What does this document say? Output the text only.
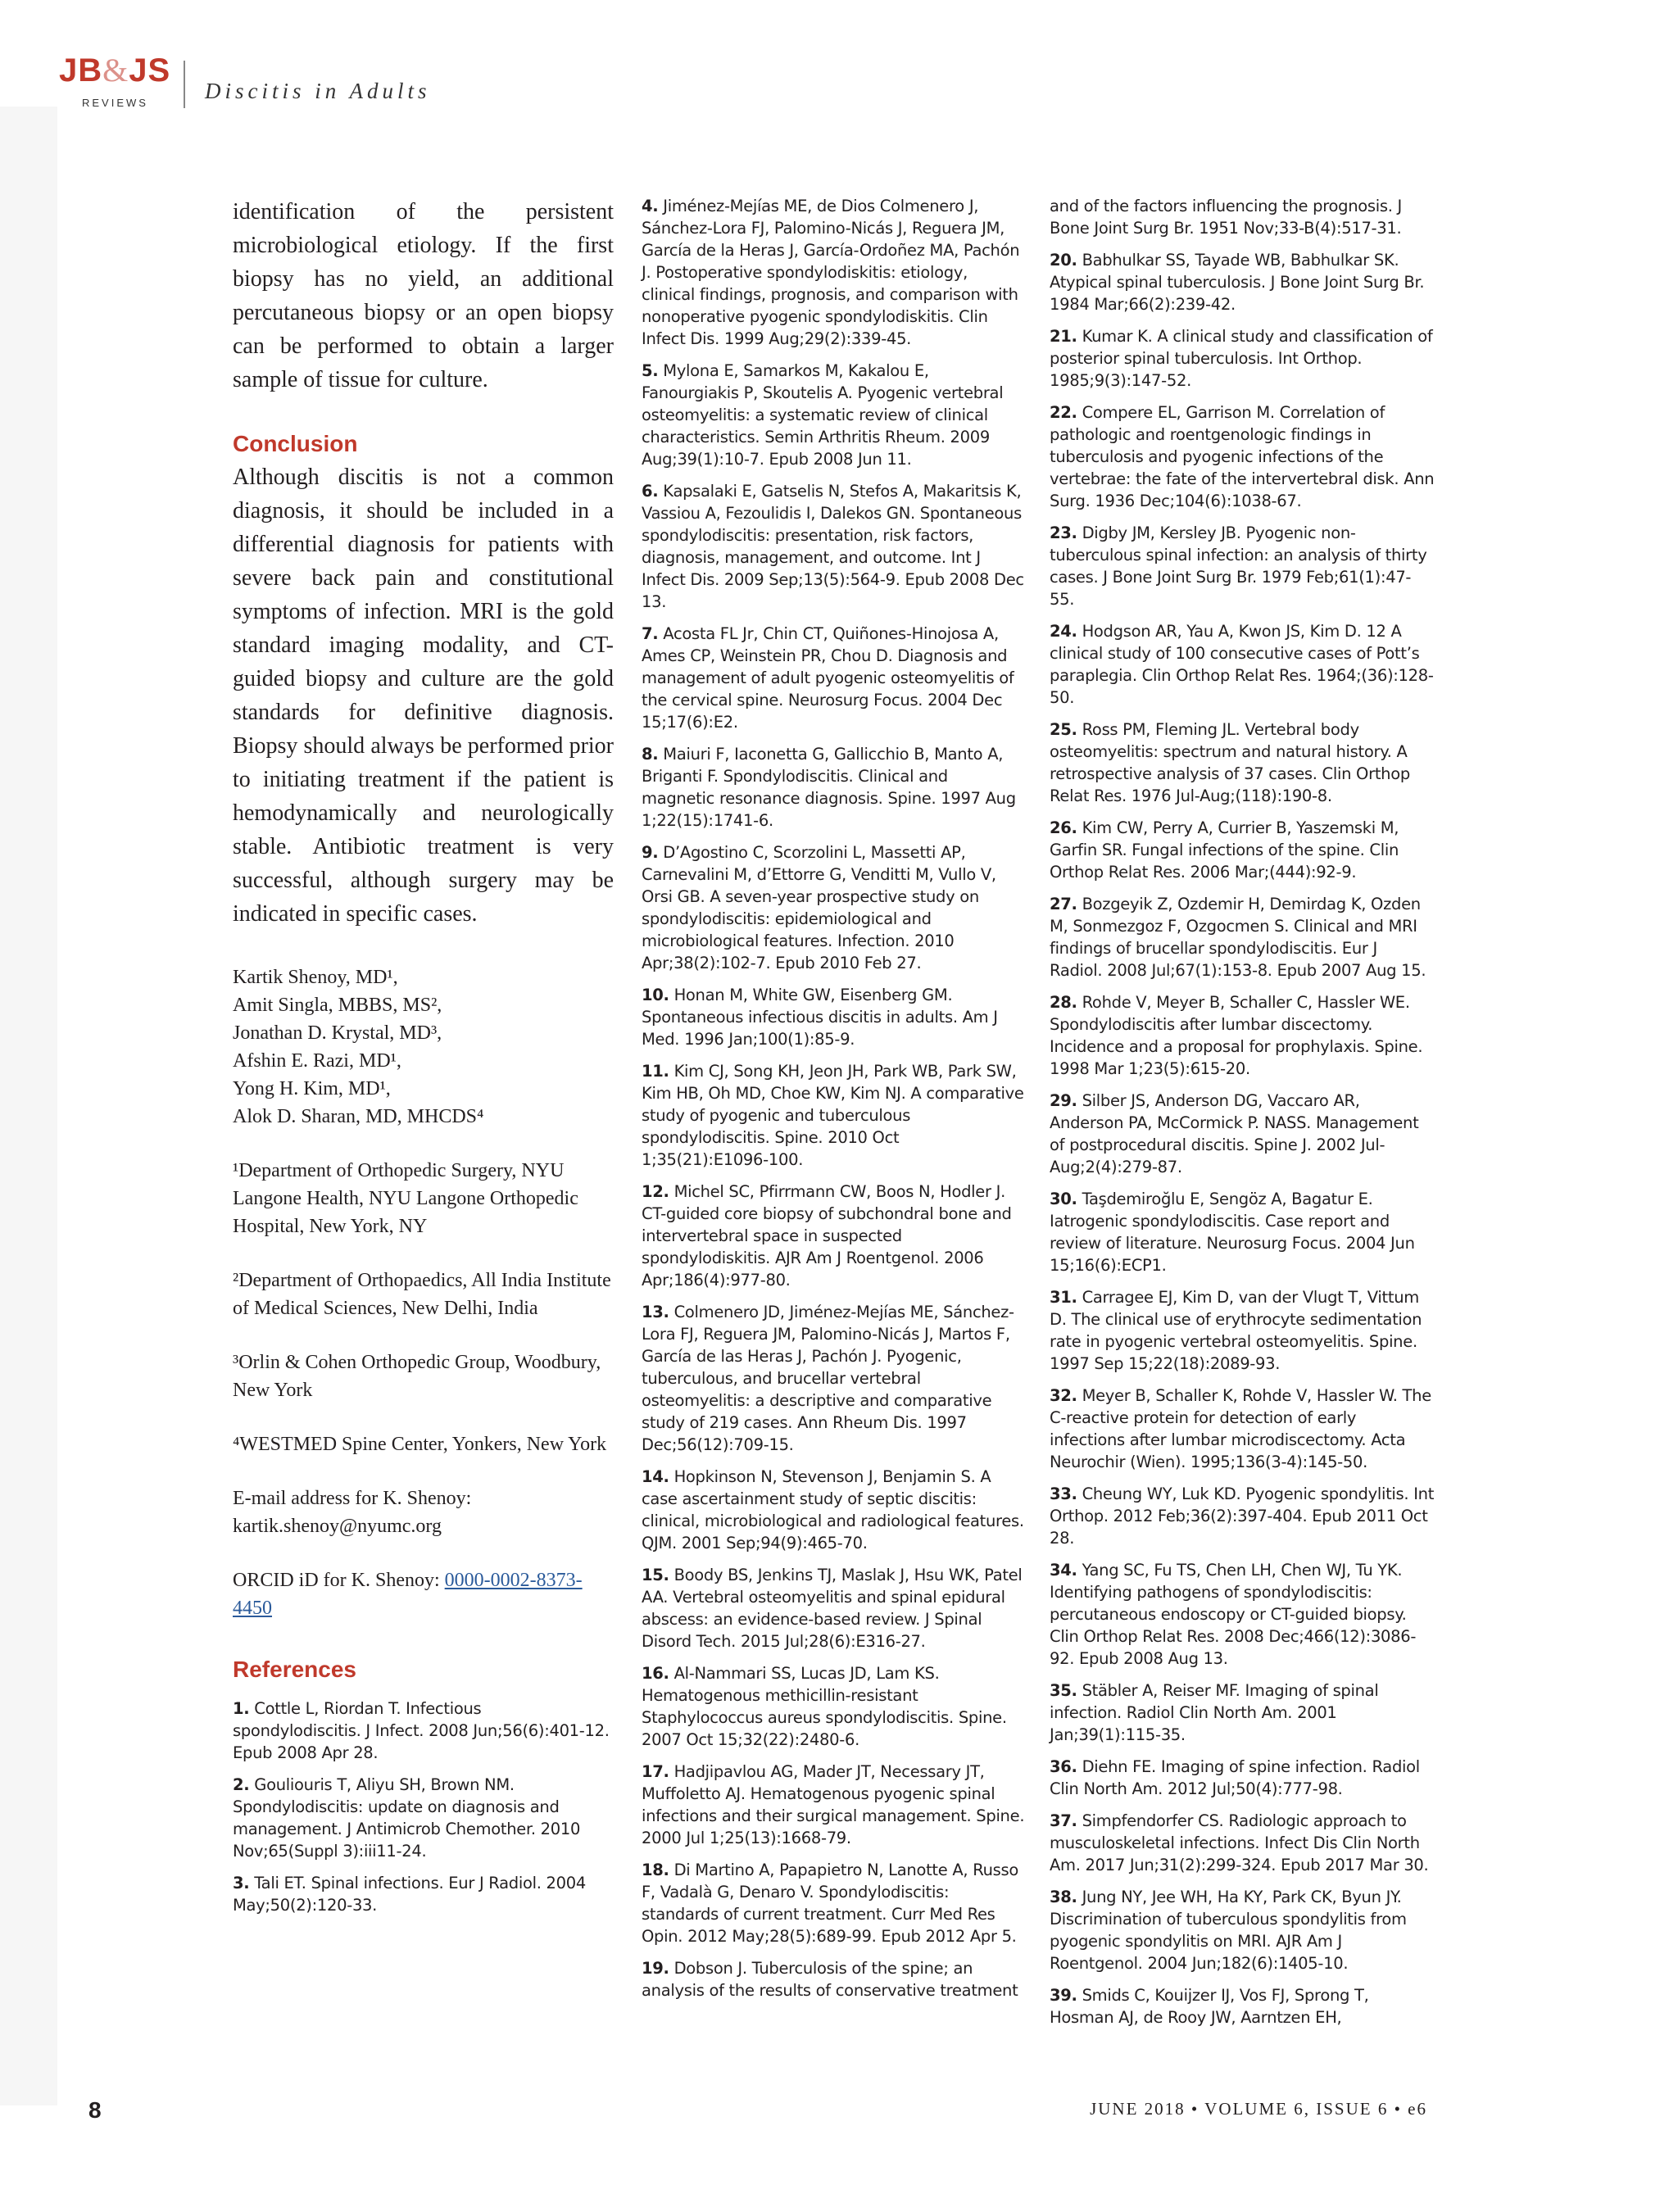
JB&JS
REVIEWS	Discitis in Adults

identification of the persistent microbiological etiology. If the first biopsy has no yield, an additional percutaneous biopsy or an open biopsy can be performed to obtain a larger sample of tissue for culture.

Conclusion

Although discitis is not a common diagnosis, it should be included in a differential diagnosis for patients with severe back pain and constitutional symptoms of infection. MRI is the gold standard imaging modality, and CT-guided biopsy and culture are the gold standards for definitive diagnosis. Biopsy should always be performed prior to initiating treatment if the patient is hemodynamically and neurologically stable. Antibiotic treatment is very successful, although surgery may be indicated in specific cases.

Kartik Shenoy, MD¹,
Amit Singla, MBBS, MS²,
Jonathan D. Krystal, MD³,
Afshin E. Razi, MD¹,
Yong H. Kim, MD¹,
Alok D. Sharan, MD, MHCDS⁴
¹Department of Orthopedic Surgery, NYU Langone Health, NYU Langone Orthopedic Hospital, New York, NY
²Department of Orthopaedics, All India Institute of Medical Sciences, New Delhi, India
³Orlin & Cohen Orthopedic Group, Woodbury, New York
⁴WESTMED Spine Center, Yonkers, New York
E-mail address for K. Shenoy: kartik.shenoy@nyumc.org
ORCID iD for K. Shenoy: 0000-0002-8373-4450
References
1. Cottle L, Riordan T. Infectious spondylodiscitis. J Infect. 2008 Jun;56(6):401-12. Epub 2008 Apr 28.
2. Gouliouris T, Aliyu SH, Brown NM. Spondylodiscitis: update on diagnosis and management. J Antimicrob Chemother. 2010 Nov;65(Suppl 3):iii11-24.
3. Tali ET. Spinal infections. Eur J Radiol. 2004 May;50(2):120-33.
4. Jiménez-Mejías ME, de Dios Colmenero J, Sánchez-Lora FJ, Palomino-Nicás J, Reguera JM, García de la Heras J, García-Ordoñez MA, Pachón J. Postoperative spondylodiskitis: etiology, clinical findings, prognosis, and comparison with nonoperative pyogenic spondylodiskitis. Clin Infect Dis. 1999 Aug;29(2):339-45.
5. Mylona E, Samarkos M, Kakalou E, Fanourgiakis P, Skoutelis A. Pyogenic vertebral osteomyelitis: a systematic review of clinical characteristics. Semin Arthritis Rheum. 2009 Aug;39(1):10-7. Epub 2008 Jun 11.
6. Kapsalaki E, Gatselis N, Stefos A, Makaritsis K, Vassiou A, Fezoulidis I, Dalekos GN. Spontaneous spondylodiscitis: presentation, risk factors, diagnosis, management, and outcome. Int J Infect Dis. 2009 Sep;13(5):564-9. Epub 2008 Dec 13.
7. Acosta FL Jr, Chin CT, Quiñones-Hinojosa A, Ames CP, Weinstein PR, Chou D. Diagnosis and management of adult pyogenic osteomyelitis of the cervical spine. Neurosurg Focus. 2004 Dec 15;17(6):E2.
8. Maiuri F, Iaconetta G, Gallicchio B, Manto A, Briganti F. Spondylodiscitis. Clinical and magnetic resonance diagnosis. Spine. 1997 Aug 1;22(15):1741-6.
9. D’Agostino C, Scorzolini L, Massetti AP, Carnevalini M, d’Ettorre G, Venditti M, Vullo V, Orsi GB. A seven-year prospective study on spondylodiscitis: epidemiological and microbiological features. Infection. 2010 Apr;38(2):102-7. Epub 2010 Feb 27.
10. Honan M, White GW, Eisenberg GM. Spontaneous infectious discitis in adults. Am J Med. 1996 Jan;100(1):85-9.
11. Kim CJ, Song KH, Jeon JH, Park WB, Park SW, Kim HB, Oh MD, Choe KW, Kim NJ. A comparative study of pyogenic and tuberculous spondylodiscitis. Spine. 2010 Oct 1;35(21):E1096-100.
12. Michel SC, Pfirrmann CW, Boos N, Hodler J. CT-guided core biopsy of subchondral bone and intervertebral space in suspected spondylodiskitis. AJR Am J Roentgenol. 2006 Apr;186(4):977-80.
13. Colmenero JD, Jiménez-Mejías ME, Sánchez-Lora FJ, Reguera JM, Palomino-Nicás J, Martos F, García de las Heras J, Pachón J. Pyogenic, tuberculous, and brucellar vertebral osteomyelitis: a descriptive and comparative study of 219 cases. Ann Rheum Dis. 1997 Dec;56(12):709-15.
14. Hopkinson N, Stevenson J, Benjamin S. A case ascertainment study of septic discitis: clinical, microbiological and radiological features. QJM. 2001 Sep;94(9):465-70.
15. Boody BS, Jenkins TJ, Maslak J, Hsu WK, Patel AA. Vertebral osteomyelitis and spinal epidural abscess: an evidence-based review. J Spinal Disord Tech. 2015 Jul;28(6):E316-27.
16. Al-Nammari SS, Lucas JD, Lam KS. Hematogenous methicillin-resistant Staphylococcus aureus spondylodiscitis. Spine. 2007 Oct 15;32(22):2480-6.
17. Hadjipavlou AG, Mader JT, Necessary JT, Muffoletto AJ. Hematogenous pyogenic spinal infections and their surgical management. Spine. 2000 Jul 1;25(13):1668-79.
18. Di Martino A, Papapietro N, Lanotte A, Russo F, Vadalà G, Denaro V. Spondylodiscitis: standards of current treatment. Curr Med Res Opin. 2012 May;28(5):689-99. Epub 2012 Apr 5.
19. Dobson J. Tuberculosis of the spine; an analysis of the results of conservative treatment
and of the factors influencing the prognosis. J Bone Joint Surg Br. 1951 Nov;33-B(4):517-31.
20. Babhulkar SS, Tayade WB, Babhulkar SK. Atypical spinal tuberculosis. J Bone Joint Surg Br. 1984 Mar;66(2):239-42.
21. Kumar K. A clinical study and classification of posterior spinal tuberculosis. Int Orthop. 1985;9(3):147-52.
22. Compere EL, Garrison M. Correlation of pathologic and roentgenologic findings in tuberculosis and pyogenic infections of the vertebrae: the fate of the intervertebral disk. Ann Surg. 1936 Dec;104(6):1038-67.
23. Digby JM, Kersley JB. Pyogenic non-tuberculous spinal infection: an analysis of thirty cases. J Bone Joint Surg Br. 1979 Feb;61(1):47-55.
24. Hodgson AR, Yau A, Kwon JS, Kim D. 12 A clinical study of 100 consecutive cases of Pott’s paraplegia. Clin Orthop Relat Res. 1964;(36):128-50.
25. Ross PM, Fleming JL. Vertebral body osteomyelitis: spectrum and natural history. A retrospective analysis of 37 cases. Clin Orthop Relat Res. 1976 Jul-Aug;(118):190-8.
26. Kim CW, Perry A, Currier B, Yaszemski M, Garfin SR. Fungal infections of the spine. Clin Orthop Relat Res. 2006 Mar;(444):92-9.
27. Bozgeyik Z, Ozdemir H, Demirdag K, Ozden M, Sonmezgoz F, Ozgocmen S. Clinical and MRI findings of brucellar spondylodiscitis. Eur J Radiol. 2008 Jul;67(1):153-8. Epub 2007 Aug 15.
28. Rohde V, Meyer B, Schaller C, Hassler WE. Spondylodiscitis after lumbar discectomy. Incidence and a proposal for prophylaxis. Spine. 1998 Mar 1;23(5):615-20.
29. Silber JS, Anderson DG, Vaccaro AR, Anderson PA, McCormick P. NASS. Management of postprocedural discitis. Spine J. 2002 Jul-Aug;2(4):279-87.
30. Taşdemiroğlu E, Sengöz A, Bagatur E. Iatrogenic spondylodiscitis. Case report and review of literature. Neurosurg Focus. 2004 Jun 15;16(6):ECP1.
31. Carragee EJ, Kim D, van der Vlugt T, Vittum D. The clinical use of erythrocyte sedimentation rate in pyogenic vertebral osteomyelitis. Spine. 1997 Sep 15;22(18):2089-93.
32. Meyer B, Schaller K, Rohde V, Hassler W. The C-reactive protein for detection of early infections after lumbar microdiscectomy. Acta Neurochir (Wien). 1995;136(3-4):145-50.
33. Cheung WY, Luk KD. Pyogenic spondylitis. Int Orthop. 2012 Feb;36(2):397-404. Epub 2011 Oct 28.
34. Yang SC, Fu TS, Chen LH, Chen WJ, Tu YK. Identifying pathogens of spondylodiscitis: percutaneous endoscopy or CT-guided biopsy. Clin Orthop Relat Res. 2008 Dec;466(12):3086-92. Epub 2008 Aug 13.
35. Stäbler A, Reiser MF. Imaging of spinal infection. Radiol Clin North Am. 2001 Jan;39(1):115-35.
36. Diehn FE. Imaging of spine infection. Radiol Clin North Am. 2012 Jul;50(4):777-98.
37. Simpfendorfer CS. Radiologic approach to musculoskeletal infections. Infect Dis Clin North Am. 2017 Jun;31(2):299-324. Epub 2017 Mar 30.
38. Jung NY, Jee WH, Ha KY, Park CK, Byun JY. Discrimination of tuberculous spondylitis from pyogenic spondylitis on MRI. AJR Am J Roentgenol. 2004 Jun;182(6):1405-10.
39. Smids C, Kouijzer IJ, Vos FJ, Sprong T, Hosman AJ, de Rooy JW, Aarntzen EH,
8	JUNE 2018 • VOLUME 6, ISSUE 6 • e6
